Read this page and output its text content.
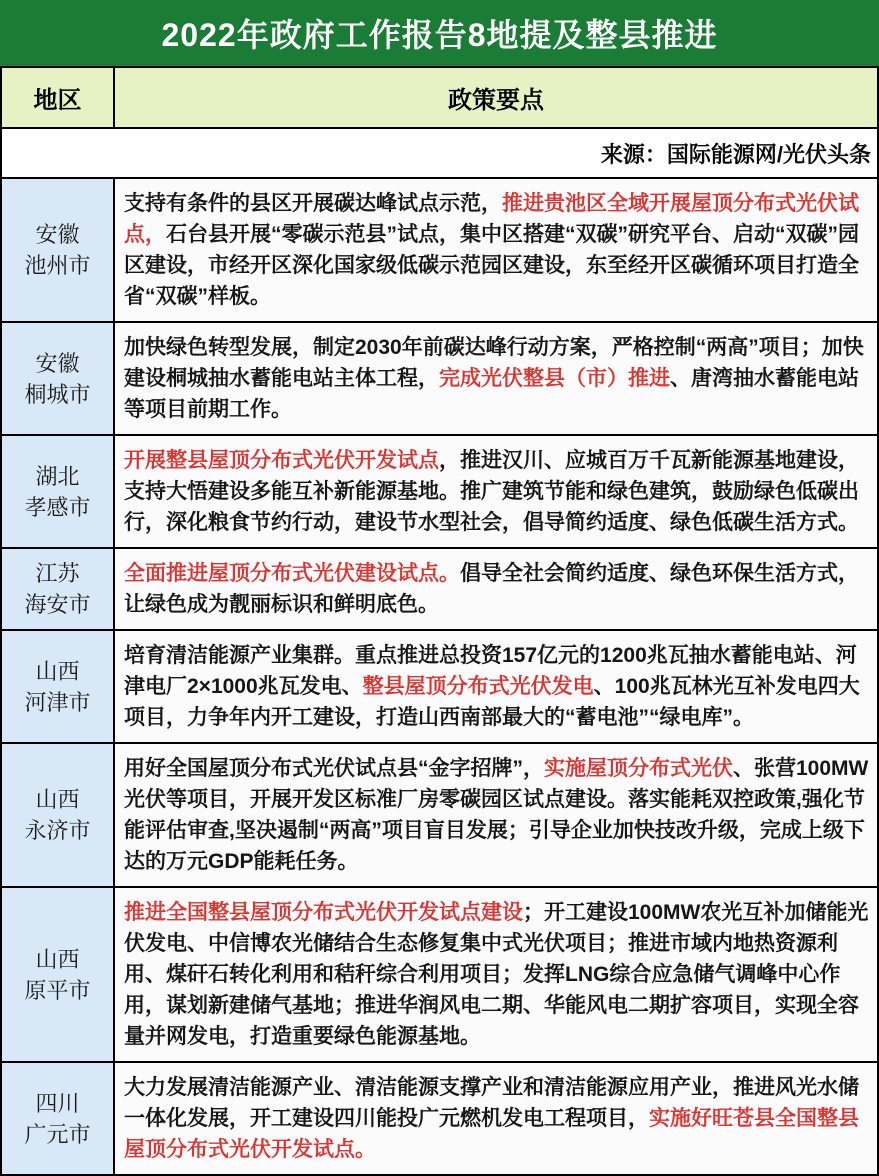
2022年政府工作报告8地提及整县推进
地区	政策要点
来源：国际能源网/光伏头条
安徽
池州市
支持有条件的县区开展碳达峰试点示范，推进贵池区全域开展屋顶分布式光伏试点，石台县开展“零碳示范县”试点，集中区搭建“双碳”研究平台、启动“双碳”园区建设，市经开区深化国家级低碳示范园区建设，东至经开区碳循环项目打造全省“双碳”样板。
安徽
桐城市
加快绿色转型发展，制定2030年前碳达峰行动方案，严格控制“两高”项目；加快建设桐城抽水蓄能电站主体工程，完成光伏整县（市）推进、唐湾抽水蓄能电站等项目前期工作。
湖北
孝感市
开展整县屋顶分布式光伏开发试点，推进汉川、应城百万千瓦新能源基地建设，支持大悟建设多能互补新能源基地。推广建筑节能和绿色建筑，鼓励绿色低碳出行，深化粮食节约行动，建设节水型社会，倡导简约适度、绿色低碳生活方式。
江苏
海安市
全面推进屋顶分布式光伏建设试点。倡导全社会简约适度、绿色环保生活方式，让绿色成为靓丽标识和鲜明底色。
山西
河津市
培育清洁能源产业集群。重点推进总投资157亿元的1200兆瓦抽水蓄能电站、河津电厂2×1000兆瓦发电、整县屋顶分布式光伏发电、100兆瓦林光互补发电四大项目，力争年内开工建设，打造山西南部最大的“蓄电池”“绿电库”。
山西
永济市
用好全国屋顶分布式光伏试点县“金字招牌”，实施屋顶分布式光伏、张营100MW光伏等项目，开展开发区标准厂房零碳园区试点建设。落实能耗双控政策,强化节能评估审查,坚决遏制“两高”项目盲目发展；引导企业加快技改升级，完成上级下达的万元GDP能耗任务。
山西
原平市
推进全国整县屋顶分布式光伏开发试点建设；开工建设100MW农光互补加储能光伏发电、中信博农光储结合生态修复集中式光伏项目；推进市域内地热资源利用、煤矸石转化利用和秸秆综合利用项目；发挥LNG综合应急储气调峰中心作用，谋划新建储气基地；推进华润风电二期、华能风电二期扩容项目，实现全容量并网发电，打造重要绿色能源基地。
四川
广元市
大力发展清洁能源产业、清洁能源支撑产业和清洁能源应用产业，推进风光水储一体化发展，开工建设四川能投广元燃机发电工程项目，实施好旺苍县全国整县屋顶分布式光伏开发试点。
